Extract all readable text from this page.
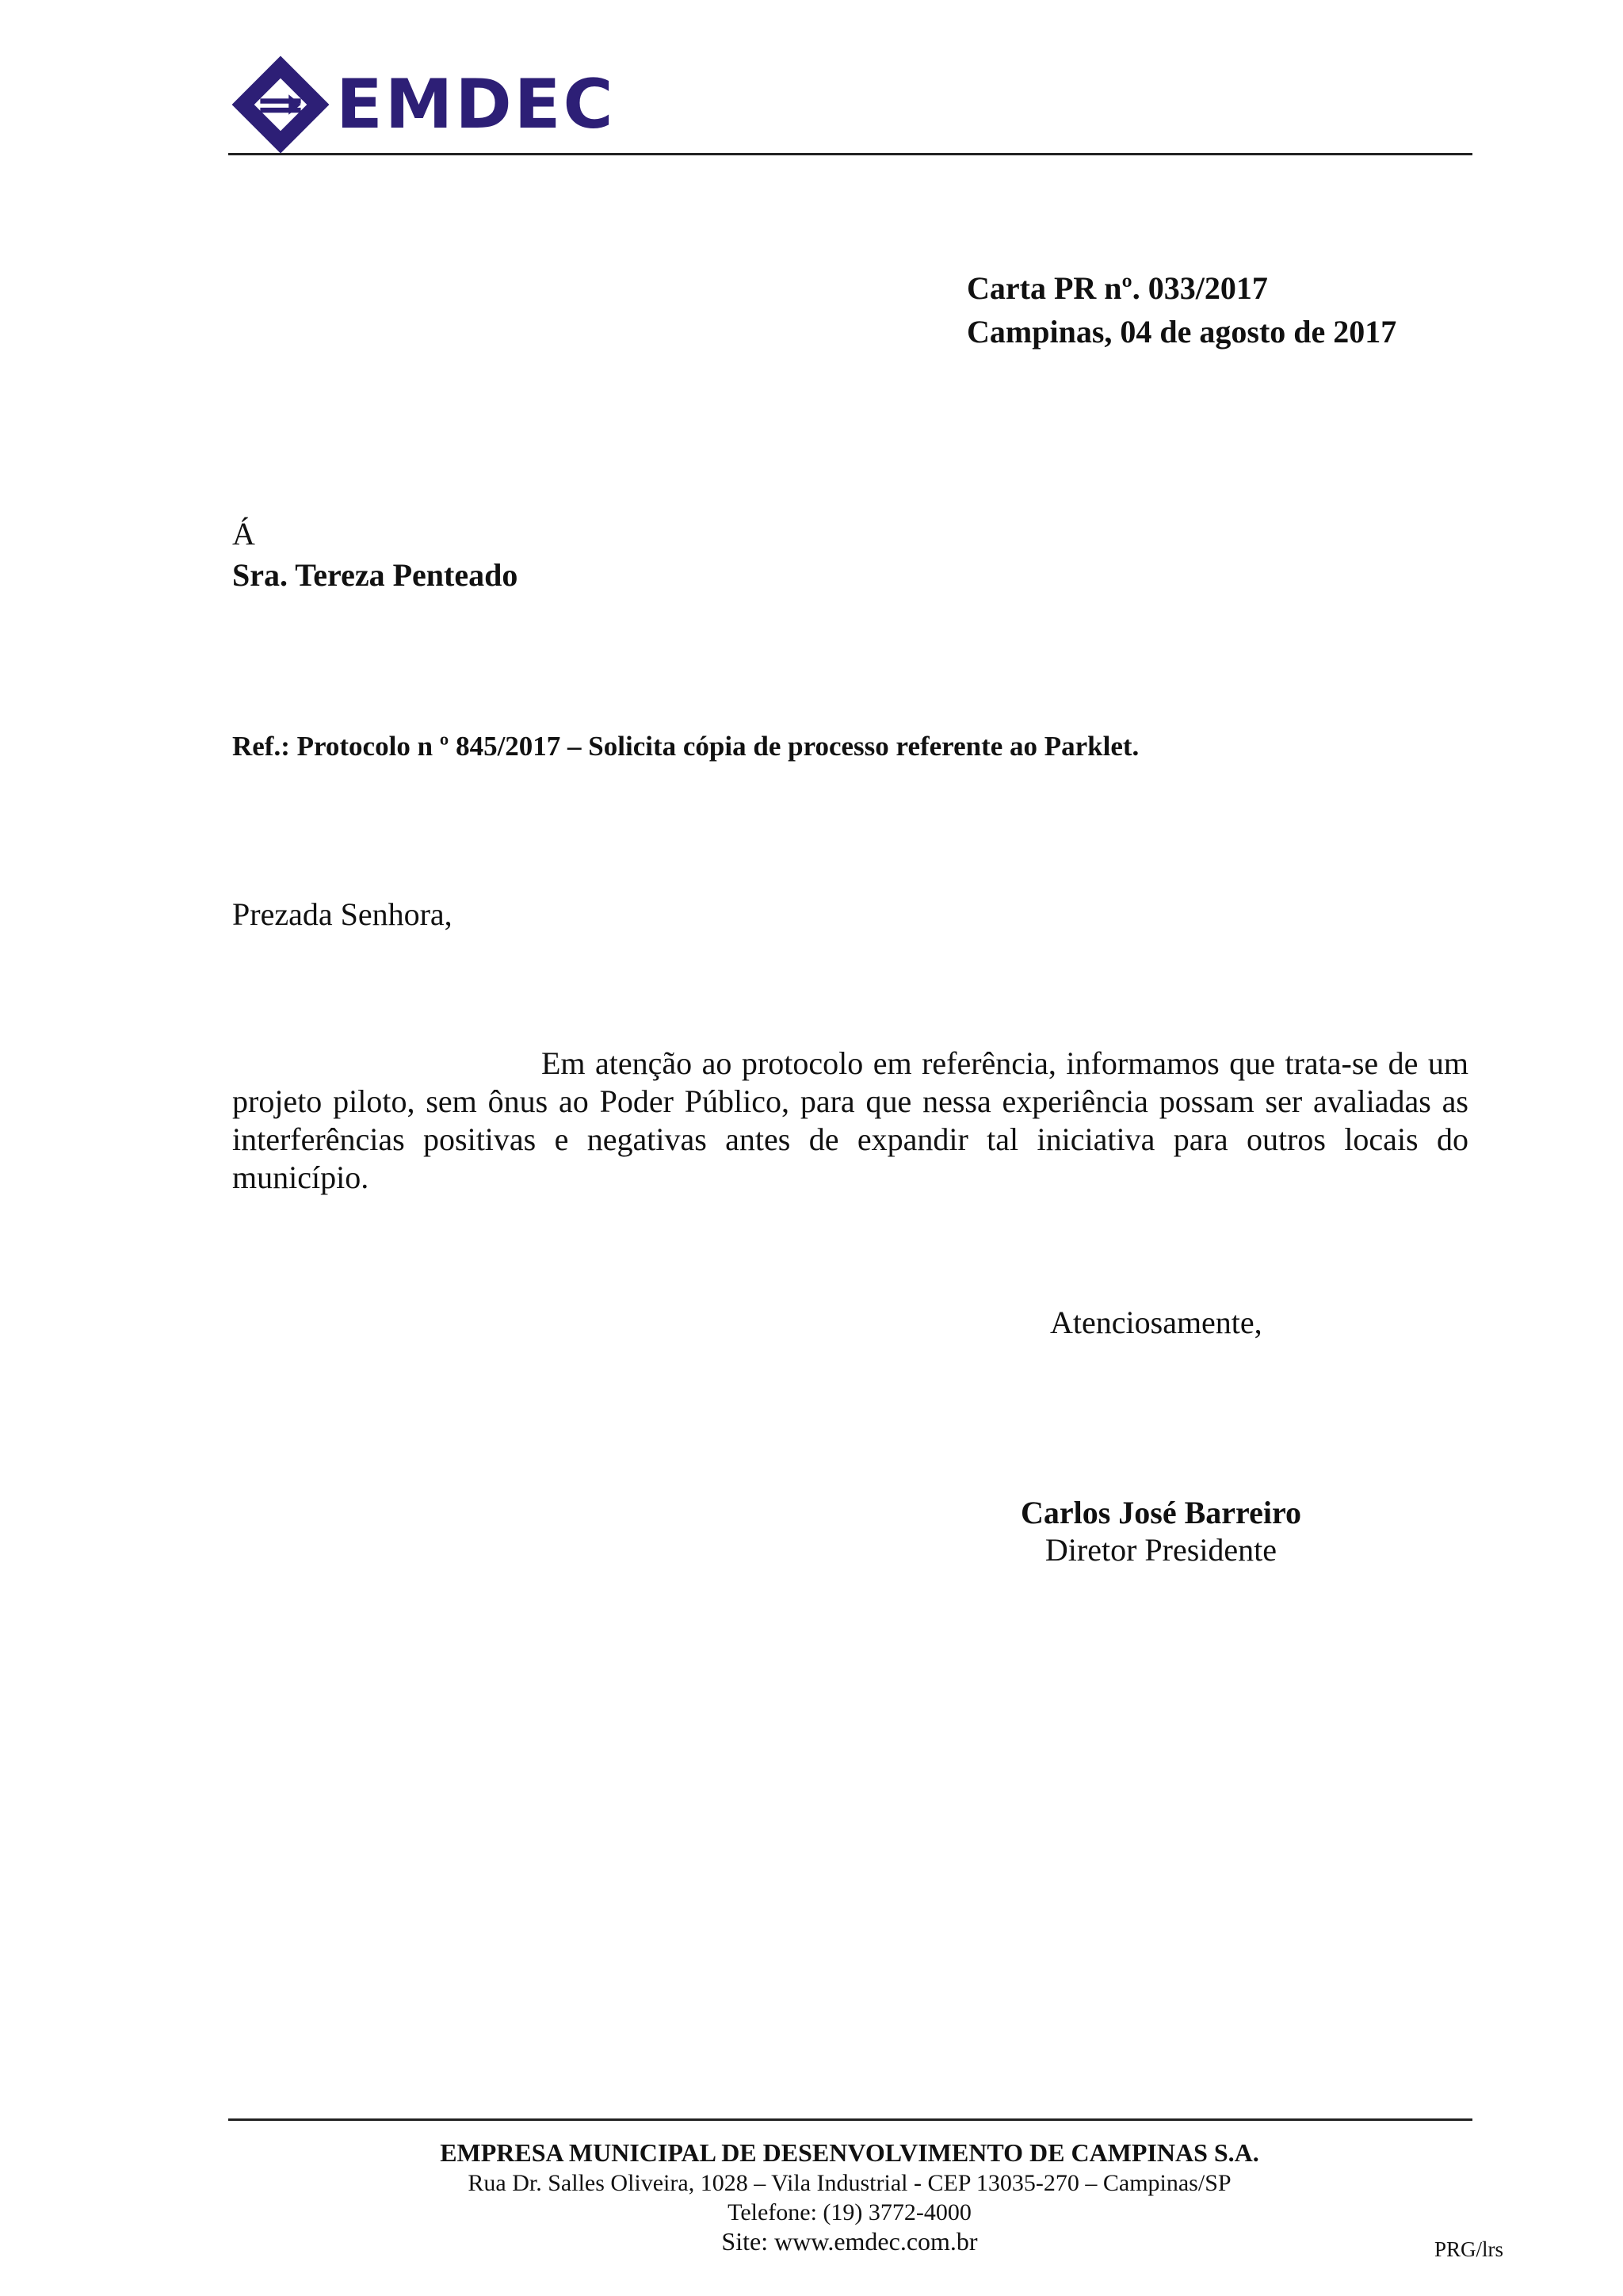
EMDEC
Carta PR nº. 033/2017
Campinas, 04 de agosto de 2017
Á
Sra. Tereza Penteado
Ref.: Protocolo n º 845/2017 – Solicita cópia de processo referente ao Parklet.
Prezada Senhora,

Em atenção ao protocolo em referência, informamos que trata-se de um projeto piloto, sem ônus ao Poder Público, para que nessa experiência possam ser avaliadas as interferências positivas e negativas antes de expandir tal iniciativa para outros locais do município.

Atenciosamente,
Carlos José Barreiro
Diretor Presidente
EMPRESA MUNICIPAL DE DESENVOLVIMENTO DE CAMPINAS S.A.
Rua Dr. Salles Oliveira, 1028 – Vila Industrial - CEP 13035-270 – Campinas/SP
Telefone: (19) 3772-4000
Site: www.emdec.com.br	PRG/lrs
